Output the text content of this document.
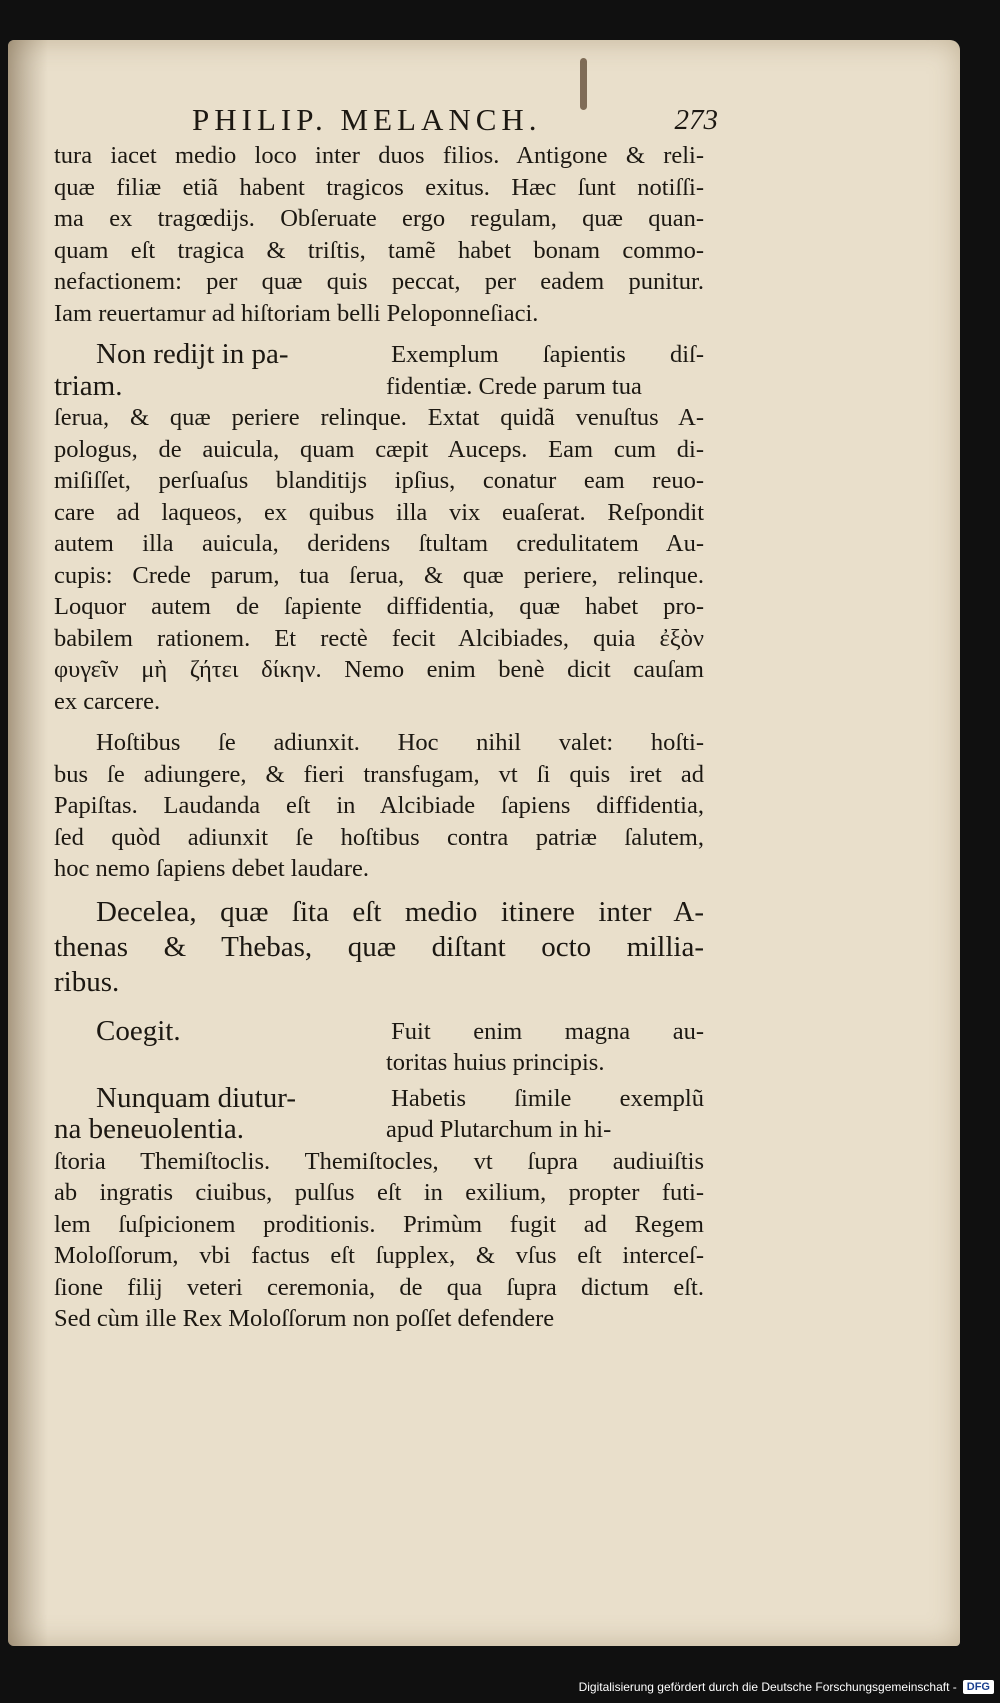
PHILIP. MELANCH.	273
tura iacet medio loco inter duos filios. Antigone & reli-
quæ filiæ etiã habent tragicos exitus. Hæc ſunt notiſſi-
ma ex tragœdijs. Obſeruate ergo regulam, quæ quan-
quam eſt tragica & triſtis, tamẽ habet bonam commo-
nefactionem: per quæ quis peccat, per eadem punitur.
Iam reuertamur ad hiſtoriam belli Peloponneſiaci.
Non redijt in pa-	Exemplum ſapientis diſ-
triam.	fidentiæ. Crede parum tua
ſerua, & quæ periere relinque. Extat quidã venuſtus A-
pologus, de auicula, quam cæpit Auceps. Eam cum di-
miſiſſet, perſuaſus blanditijs ipſius, conatur eam reuo-
care ad laqueos, ex quibus illa vix euaſerat. Reſpondit
autem illa auicula, deridens ſtultam credulitatem Au-
cupis: Crede parum, tua ſerua, & quæ periere, relinque.
Loquor autem de ſapiente diffidentia, quæ habet pro-
babilem rationem. Et rectè fecit Alcibiades, quia ἐξὸν
φυγεῖν μὴ ζήτει δίκην. Nemo enim benè dicit cauſam
ex carcere.
Hoſtibus ſe adiunxit. Hoc nihil valet: hoſti-
bus ſe adiungere, & fieri transfugam, vt ſi quis iret ad
Papiſtas. Laudanda eſt in Alcibiade ſapiens diffidentia,
ſed quòd adiunxit ſe hoſtibus contra patriæ ſalutem,
hoc nemo ſapiens debet laudare.
Decelea, quæ ſita eſt medio itinere inter A-
thenas & Thebas, quæ diſtant octo millia-
ribus.
Coegit.	Fuit enim magna au-
toritas huius principis.
Nunquam diutur-	Habetis ſimile exemplũ
na beneuolentia.	apud Plutarchum in hi-
ſtoria Themiſtoclis. Themiſtocles, vt ſupra audiuiſtis
ab ingratis ciuibus, pulſus eſt in exilium, propter futi-
lem ſuſpicionem proditionis. Primùm fugit ad Regem
Moloſſorum, vbi factus eſt ſupplex, & vſus eſt interceſ-
ſione filij veteri ceremonia, de qua ſupra dictum eſt.
Sed cùm ille Rex Moloſſorum non poſſet defendere
Digitalisierung gefördert durch die Deutsche Forschungsgemeinschaft - DFG
